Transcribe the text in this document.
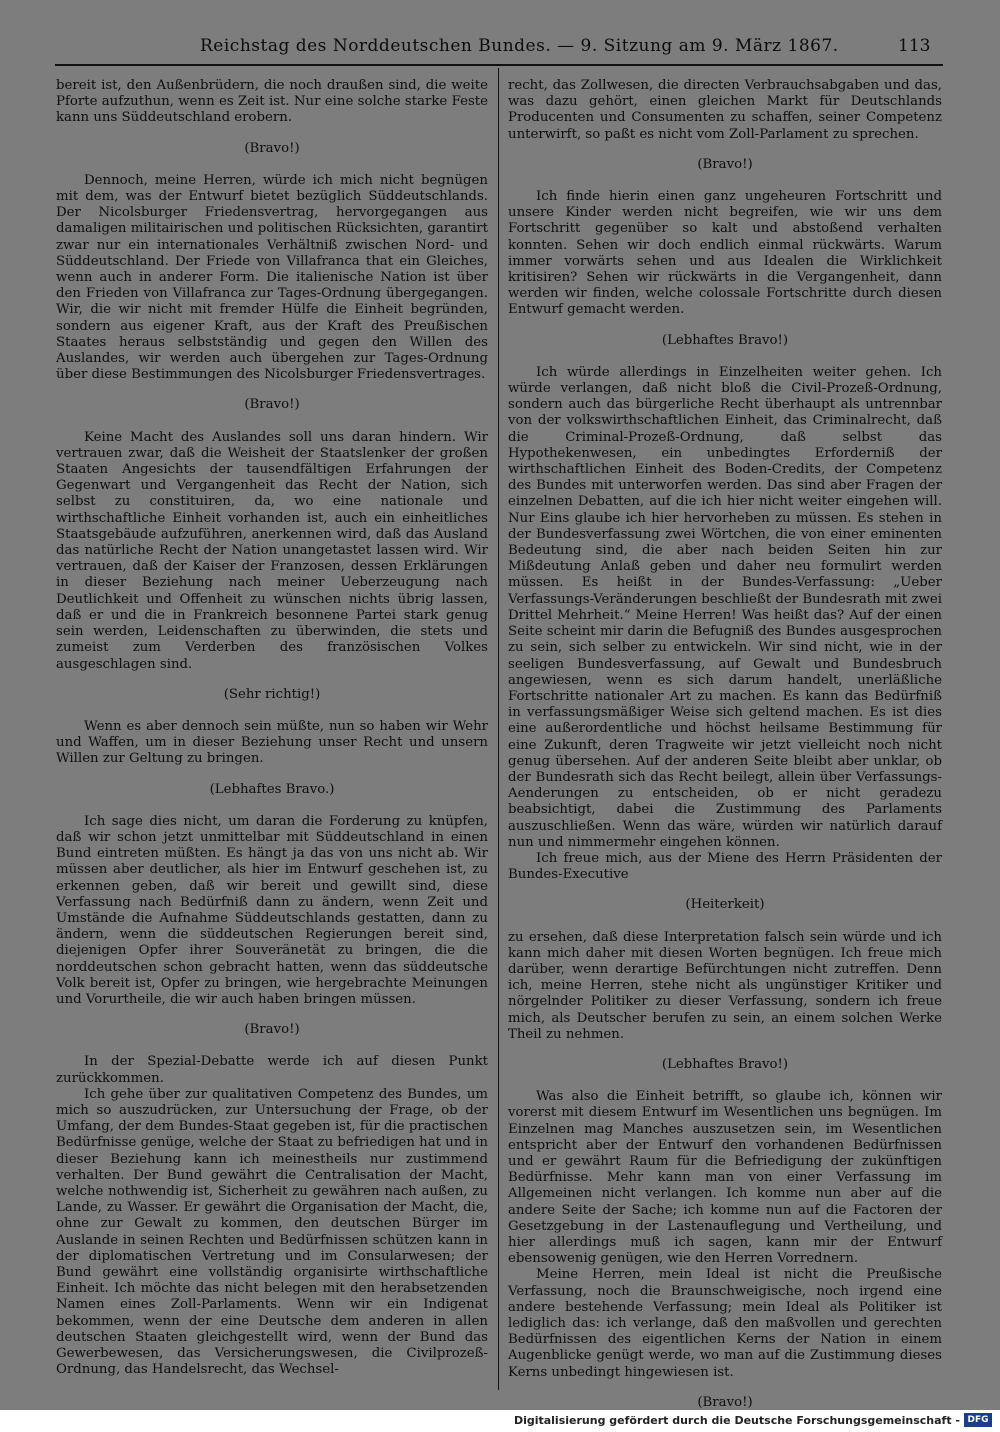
Reichstag des Norddeutschen Bundes. — 9. Sitzung am 9. März 1867.	113

bereit ist, den Außenbrüdern, die noch draußen sind, die weite Pforte aufzuthun, wenn es Zeit ist. Nur eine solche starke Feste kann uns Süddeutschland erobern.

(Bravo!)

Dennoch, meine Herren, würde ich mich nicht begnügen mit dem, was der Entwurf bietet bezüglich Süddeutschlands. Der Nicolsburger Friedensvertrag, hervorgegangen aus damaligen militairischen und politischen Rücksichten, garantirt zwar nur ein internationales Verhältniß zwischen Nord- und Süddeutschland. Der Friede von Villafranca that ein Gleiches, wenn auch in anderer Form. Die italienische Nation ist über den Frieden von Villafranca zur Tages-Ordnung übergegangen. Wir, die wir nicht mit fremder Hülfe die Einheit begründen, sondern aus eigener Kraft, aus der Kraft des Preußischen Staates heraus selbstständig und gegen den Willen des Auslandes, wir werden auch übergehen zur Tages-Ordnung über diese Bestimmungen des Nicolsburger Friedensvertrages.

(Bravo!)

Keine Macht des Auslandes soll uns daran hindern. Wir vertrauen zwar, daß die Weisheit der Staatslenker der großen Staaten Angesichts der tausendfältigen Erfahrungen der Gegenwart und Vergangenheit das Recht der Nation, sich selbst zu constituiren, da, wo eine nationale und wirthschaftliche Einheit vorhanden ist, auch ein einheitliches Staatsgebäude aufzuführen, anerkennen wird, daß das Ausland das natürliche Recht der Nation unangetastet lassen wird. Wir vertrauen, daß der Kaiser der Franzosen, dessen Erklärungen in dieser Beziehung nach meiner Ueberzeugung nach Deutlichkeit und Offenheit zu wünschen nichts übrig lassen, daß er und die in Frankreich besonnene Partei stark genug sein werden, Leidenschaften zu überwinden, die stets und zumeist zum Verderben des französischen Volkes ausgeschlagen sind.

(Sehr richtig!)

Wenn es aber dennoch sein müßte, nun so haben wir Wehr und Waffen, um in dieser Beziehung unser Recht und unsern Willen zur Geltung zu bringen.

(Lebhaftes Bravo.)

Ich sage dies nicht, um daran die Forderung zu knüpfen, daß wir schon jetzt unmittelbar mit Süddeutschland in einen Bund eintreten müßten. Es hängt ja das von uns nicht ab. Wir müssen aber deutlicher, als hier im Entwurf geschehen ist, zu erkennen geben, daß wir bereit und gewillt sind, diese Verfassung nach Bedürfniß dann zu ändern, wenn Zeit und Umstände die Aufnahme Süddeutschlands gestatten, dann zu ändern, wenn die süddeutschen Regierungen bereit sind, diejenigen Opfer ihrer Souveränetät zu bringen, die die norddeutschen schon gebracht hatten, wenn das süddeutsche Volk bereit ist, Opfer zu bringen, wie hergebrachte Meinungen und Vorurtheile, die wir auch haben bringen müssen.

(Bravo!)

In der Spezial-Debatte werde ich auf diesen Punkt zurückkommen.

Ich gehe über zur qualitativen Competenz des Bundes, um mich so auszudrücken, zur Untersuchung der Frage, ob der Umfang, der dem Bundes-Staat gegeben ist, für die practischen Bedürfnisse genüge, welche der Staat zu befriedigen hat und in dieser Beziehung kann ich meinestheils nur zustimmend verhalten. Der Bund gewährt die Centralisation der Macht, welche nothwendig ist, Sicherheit zu gewähren nach außen, zu Lande, zu Wasser. Er gewährt die Organisation der Macht, die, ohne zur Gewalt zu kommen, den deutschen Bürger im Auslande in seinen Rechten und Bedürfnissen schützen kann in der diplomatischen Vertretung und im Consularwesen; der Bund gewährt eine vollständig organisirte wirthschaftliche Einheit. Ich möchte das nicht belegen mit den herabsetzenden Namen eines Zoll-Parlaments. Wenn wir ein Indigenat bekommen, wenn der eine Deutsche dem anderen in allen deutschen Staaten gleichgestellt wird, wenn der Bund das Gewerbewesen, das Versicherungswesen, die Civilprozeß-Ordnung, das Handelsrecht, das Wechsel-

recht, das Zollwesen, die directen Verbrauchsabgaben und das, was dazu gehört, einen gleichen Markt für Deutschlands Producenten und Consumenten zu schaffen, seiner Competenz unterwirft, so paßt es nicht vom Zoll-Parlament zu sprechen.

(Bravo!)

Ich finde hierin einen ganz ungeheuren Fortschritt und unsere Kinder werden nicht begreifen, wie wir uns dem Fortschritt gegenüber so kalt und abstoßend verhalten konnten. Sehen wir doch endlich einmal rückwärts. Warum immer vorwärts sehen und aus Idealen die Wirklichkeit kritisiren? Sehen wir rückwärts in die Vergangenheit, dann werden wir finden, welche colossale Fortschritte durch diesen Entwurf gemacht werden.

(Lebhaftes Bravo!)

Ich würde allerdings in Einzelheiten weiter gehen. Ich würde verlangen, daß nicht bloß die Civil-Prozeß-Ordnung, sondern auch das bürgerliche Recht überhaupt als untrennbar von der volkswirthschaftlichen Einheit, das Criminalrecht, daß die Criminal-Prozeß-Ordnung, daß selbst das Hypothekenwesen, ein unbedingtes Erforderniß der wirthschaftlichen Einheit des Boden-Credits, der Competenz des Bundes mit unterworfen werden. Das sind aber Fragen der einzelnen Debatten, auf die ich hier nicht weiter eingehen will. Nur Eins glaube ich hier hervorheben zu müssen. Es stehen in der Bundesverfassung zwei Wörtchen, die von einer eminenten Bedeutung sind, die aber nach beiden Seiten hin zur Mißdeutung Anlaß geben und daher neu formulirt werden müssen. Es heißt in der Bundes-Verfassung: „Ueber Verfassungs-Veränderungen beschließt der Bundesrath mit zwei Drittel Mehrheit.“ Meine Herren! Was heißt das? Auf der einen Seite scheint mir darin die Befugniß des Bundes ausgesprochen zu sein, sich selber zu entwickeln. Wir sind nicht, wie in der seeligen Bundesverfassung, auf Gewalt und Bundesbruch angewiesen, wenn es sich darum handelt, unerläßliche Fortschritte nationaler Art zu machen. Es kann das Bedürfniß in verfassungsmäßiger Weise sich geltend machen. Es ist dies eine außerordentliche und höchst heilsame Bestimmung für eine Zukunft, deren Tragweite wir jetzt vielleicht noch nicht genug übersehen. Auf der anderen Seite bleibt aber unklar, ob der Bundesrath sich das Recht beilegt, allein über Verfassungs-Aenderungen zu entscheiden, ob er nicht geradezu beabsichtigt, dabei die Zustimmung des Parlaments auszuschließen. Wenn das wäre, würden wir natürlich darauf nun und nimmermehr eingehen können.

Ich freue mich, aus der Miene des Herrn Präsidenten der Bundes-Executive

(Heiterkeit)

zu ersehen, daß diese Interpretation falsch sein würde und ich kann mich daher mit diesen Worten begnügen. Ich freue mich darüber, wenn derartige Befürchtungen nicht zutreffen. Denn ich, meine Herren, stehe nicht als ungünstiger Kritiker und nörgelnder Politiker zu dieser Verfassung, sondern ich freue mich, als Deutscher berufen zu sein, an einem solchen Werke Theil zu nehmen.

(Lebhaftes Bravo!)

Was also die Einheit betrifft, so glaube ich, können wir vorerst mit diesem Entwurf im Wesentlichen uns begnügen. Im Einzelnen mag Manches auszusetzen sein, im Wesentlichen entspricht aber der Entwurf den vorhandenen Bedürfnissen und er gewährt Raum für die Befriedigung der zukünftigen Bedürfnisse. Mehr kann man von einer Verfassung im Allgemeinen nicht verlangen. Ich komme nun aber auf die andere Seite der Sache; ich komme nun auf die Factoren der Gesetzgebung in der Lastenauflegung und Vertheilung, und hier allerdings muß ich sagen, kann mir der Entwurf ebensowenig genügen, wie den Herren Vorrednern.

Meine Herren, mein Ideal ist nicht die Preußische Verfassung, noch die Braunschweigische, noch irgend eine andere bestehende Verfassung; mein Ideal als Politiker ist lediglich das: ich verlange, daß den maßvollen und gerechten Bedürfnissen des eigentlichen Kerns der Nation in einem Augenblicke genügt werde, wo man auf die Zustimmung dieses Kerns unbedingt hingewiesen ist.

(Bravo!)

Digitalisierung gefördert durch die Deutsche Forschungsgemeinschaft - DFG
